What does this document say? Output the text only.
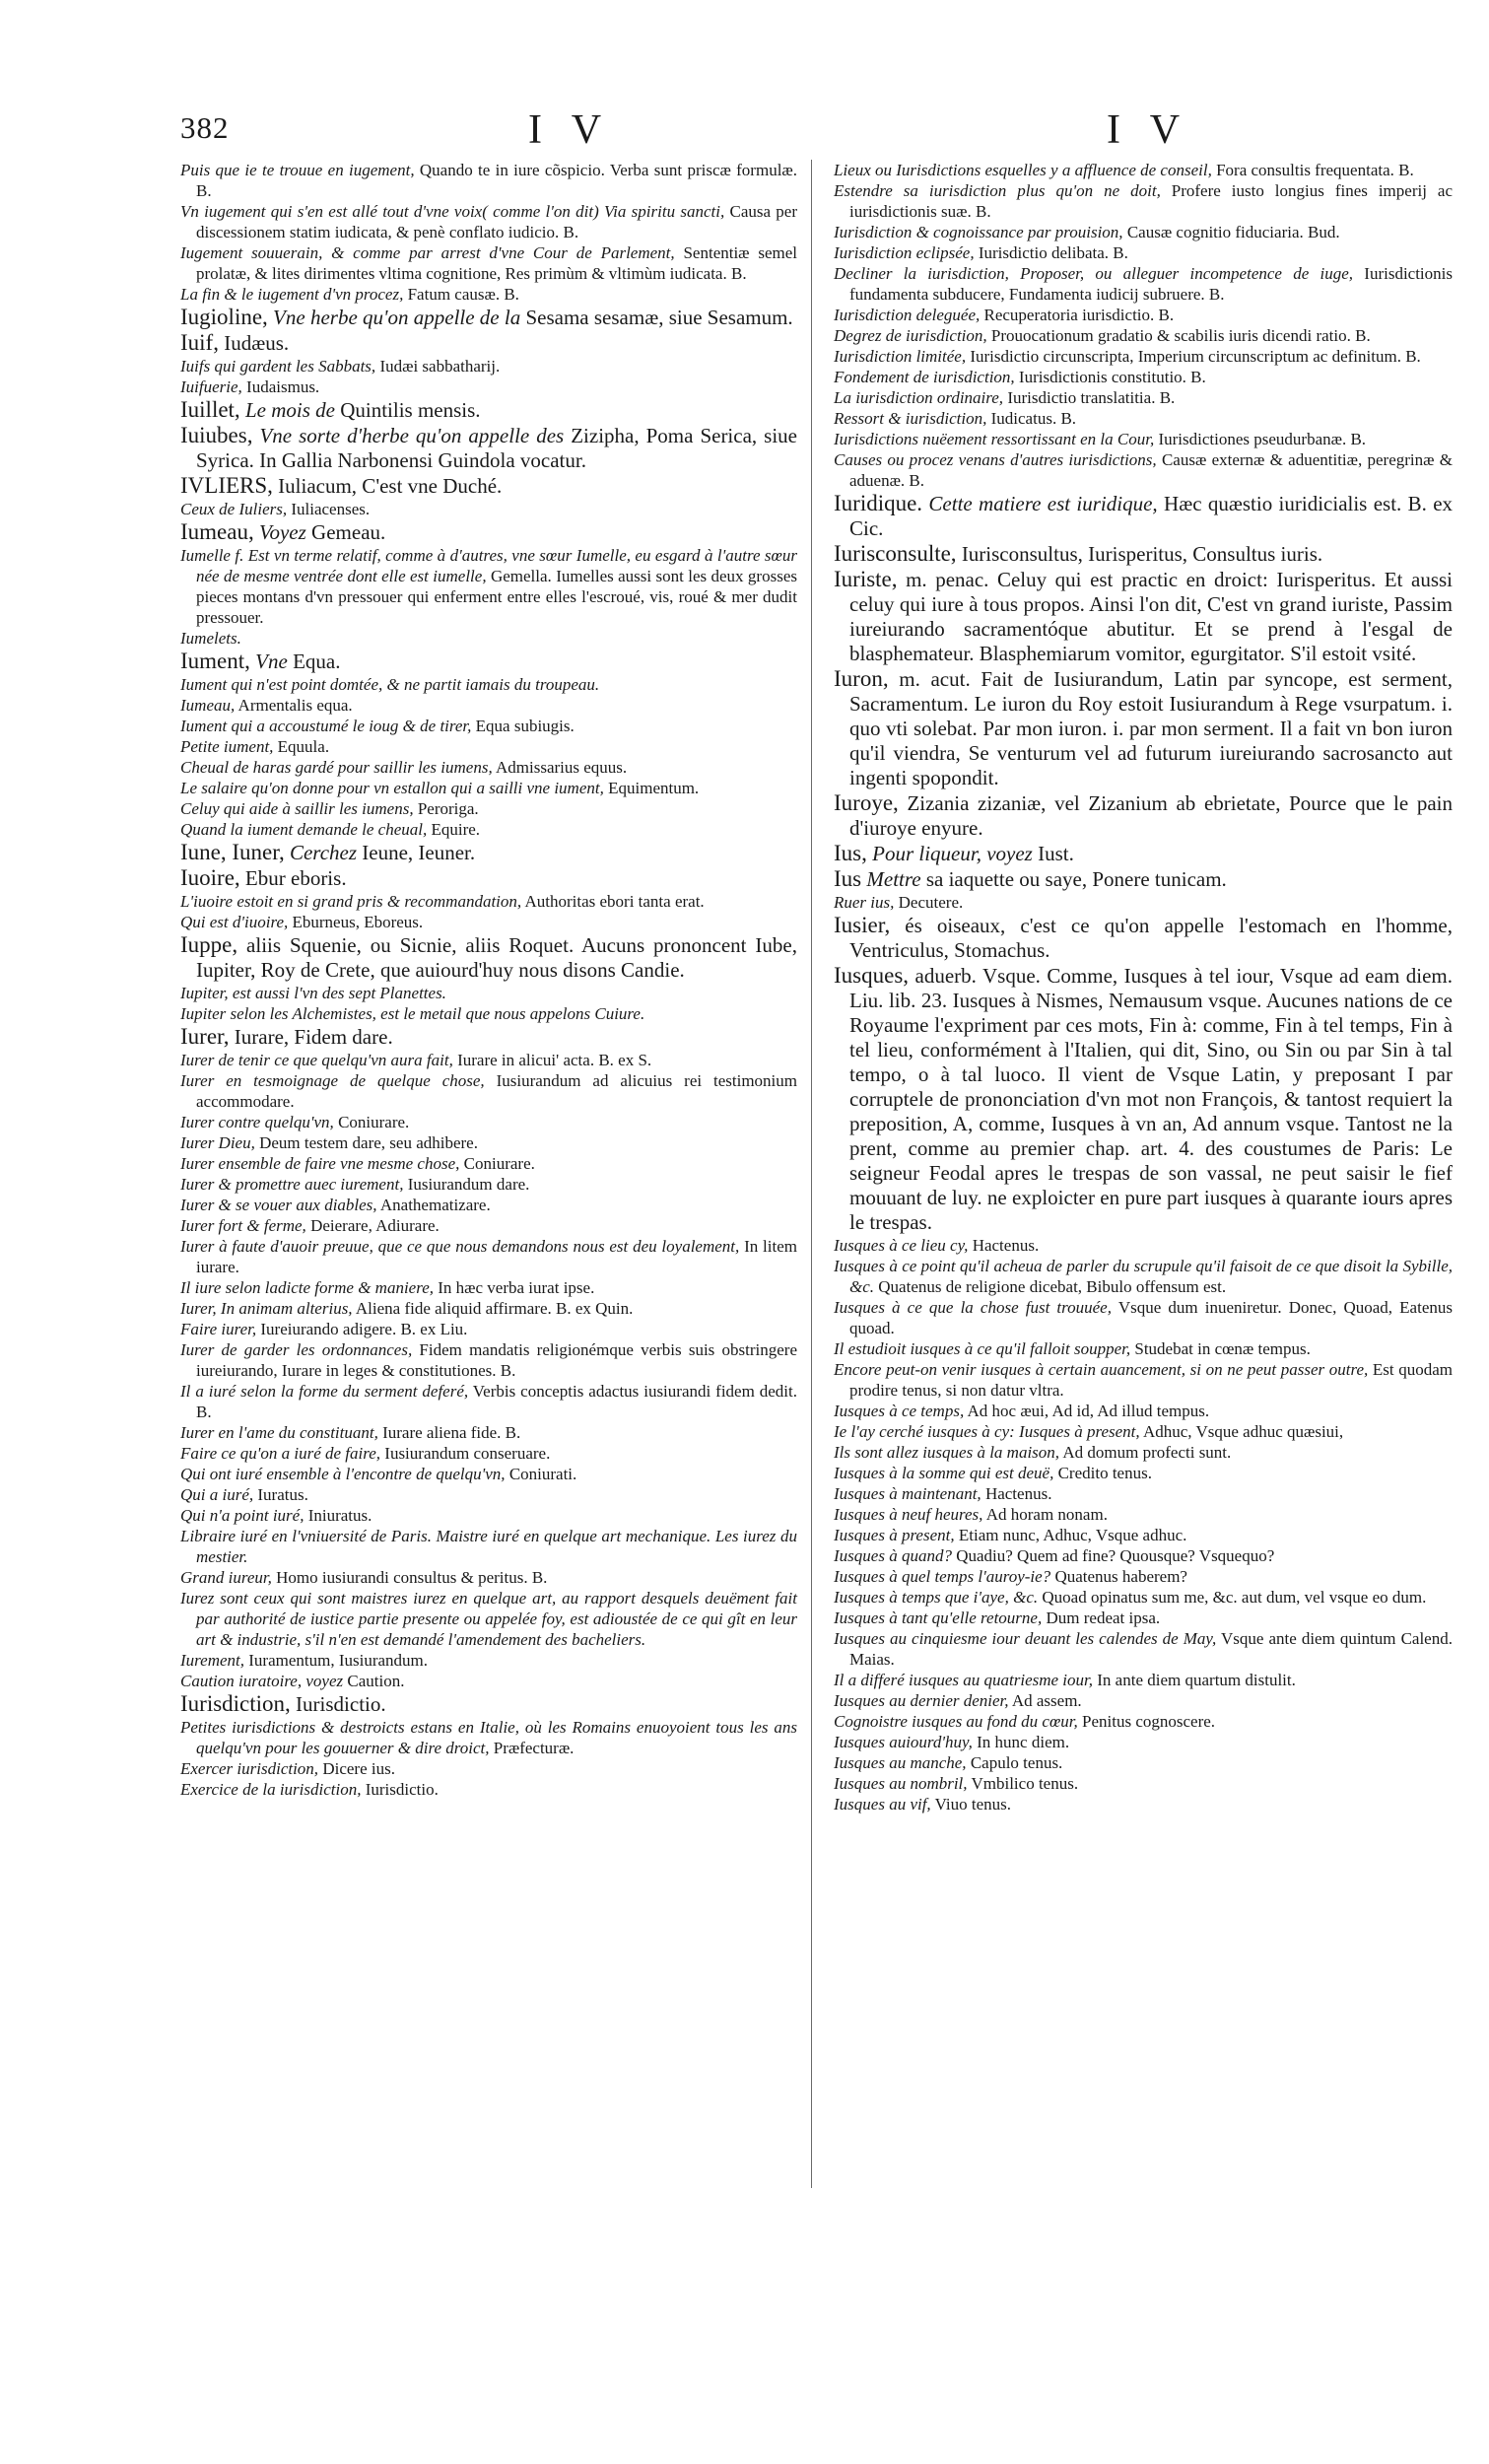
382	I V	I V

Puis que ie te trouue en iugement, Quando te in iure cõspicio. Verba sunt priscæ formulæ. B.

Vn iugement qui s'en est allé tout d'vne voix( comme l'on dit) Via spiritu sancti, Causa per discessionem statim iudicata, & penè conflato iudicio. B.

Iugement souuerain, & comme par arrest d'vne Cour de Parlement, Sententiæ semel prolatæ, & lites dirimentes vltima cognitione, Res primùm & vltimùm iudicata. B.

La fin & le iugement d'vn procez, Fatum causæ. B.

Iugioline, Vne herbe qu'on appelle de la Sesama sesamæ, siue Sesamum.

Iuif, Iudæus.

Iuifs qui gardent les Sabbats, Iudæi sabbatharij.

Iuifuerie, Iudaismus.

Iuillet, Le mois de Quintilis mensis.

Iuiubes, Vne sorte d'herbe qu'on appelle des Zizipha, Poma Serica, siue Syrica. In Gallia Narbonensi Guindola vocatur.

IVLIERS, Iuliacum, C'est vne Duché.

Ceux de Iuliers, Iuliacenses.

Iumeau, Voyez Gemeau.

Iumelle f. Est vn terme relatif, comme à d'autres, vne sœur Iumelle, eu esgard à l'autre sœur née de mesme ventrée dont elle est iumelle, Gemella. Iumelles aussi sont les deux grosses pieces montans d'vn pressouer qui enferment entre elles l'escroué, vis, roué & mer dudit pressouer.

Iumelets.

Iument, Vne Equa.

Iument qui n'est point domtée, & ne partit iamais du troupeau.

Iumeau, Armentalis equa.

Iument qui a accoustumé le ioug & de tirer, Equa subiugis.

Petite iument, Equula.

Cheual de haras gardé pour saillir les iumens, Admissarius equus.

Le salaire qu'on donne pour vn estallon qui a sailli vne iument, Equimentum.

Celuy qui aide à saillir les iumens, Peroriga.

Quand la iument demande le cheual, Equire.

Iune, Iuner, Cerchez Ieune, Ieuner.

Iuoire, Ebur eboris.

L'iuoire estoit en si grand pris & recommandation, Authoritas ebori tanta erat.

Qui est d'iuoire, Eburneus, Eboreus.

Iuppe, aliis Squenie, ou Sicnie, aliis Roquet. Aucuns prononcent Iube, Iupiter, Roy de Crete, que auiourd'huy nous disons Candie.

Iupiter, est aussi l'vn des sept Planettes.

Iupiter selon les Alchemistes, est le metail que nous appelons Cuiure.

Iurer, Iurare, Fidem dare.

Iurer de tenir ce que quelqu'vn aura fait, Iurare in alicui' acta. B. ex S.

Iurer en tesmoignage de quelque chose, Iusiurandum ad alicuius rei testimonium accommodare.

Iurer contre quelqu'vn, Coniurare.

Iurer Dieu, Deum testem dare, seu adhibere.

Iurer ensemble de faire vne mesme chose, Coniurare.

Iurer & promettre auec iurement, Iusiurandum dare.

Iurer & se vouer aux diables, Anathematizare.

Iurer fort & ferme, Deierare, Adiurare.

Iurer à faute d'auoir preuue, que ce que nous demandons nous est deu loyalement, In litem iurare.

Il iure selon ladicte forme & maniere, In hæc verba iurat ipse.

Iurer, In animam alterius, Aliena fide aliquid affirmare. B. ex Quin.

Faire iurer, Iureiurando adigere. B. ex Liu.

Iurer de garder les ordonnances, Fidem mandatis religionémque verbis suis obstringere iureiurando, Iurare in leges & constitutiones. B.

Il a iuré selon la forme du serment deferé, Verbis conceptis adactus iusiurandi fidem dedit. B.

Iurer en l'ame du constituant, Iurare aliena fide. B.

Faire ce qu'on a iuré de faire, Iusiurandum conseruare.

Qui ont iuré ensemble à l'encontre de quelqu'vn, Coniurati.

Qui a iuré, Iuratus.

Qui n'a point iuré, Iniuratus.

Libraire iuré en l'vniuersité de Paris. Maistre iuré en quelque art mechanique. Les iurez du mestier.

Grand iureur, Homo iusiurandi consultus & peritus. B.

Iurez sont ceux qui sont maistres iurez en quelque art, au rapport desquels deuëment fait par authorité de iustice partie presente ou appelée foy, est adioustée de ce qui gît en leur art & industrie, s'il n'en est demandé l'amendement des bacheliers.

Iurement, Iuramentum, Iusiurandum.

Caution iuratoire, voyez Caution.

Iurisdiction, Iurisdictio.

Petites iurisdictions & destroicts estans en Italie, où les Romains enuoyoient tous les ans quelqu'vn pour les gouuerner & dire droict, Præfecturæ.

Exercer iurisdiction, Dicere ius.

Exercice de la iurisdiction, Iurisdictio.

Lieux ou Iurisdictions esquelles y a affluence de conseil, Fora consultis frequentata. B.

Estendre sa iurisdiction plus qu'on ne doit, Profere iusto longius fines imperij ac iurisdictionis suæ. B.

Iurisdiction & cognoissance par prouision, Causæ cognitio fiduciaria. Bud.

Iurisdiction eclipsée, Iurisdictio delibata. B.

Decliner la iurisdiction, Proposer, ou alleguer incompetence de iuge, Iurisdictionis fundamenta subducere, Fundamenta iudicij subruere. B.

Iurisdiction deleguée, Recuperatoria iurisdictio. B.

Degrez de iurisdiction, Prouocationum gradatio & scabilis iuris dicendi ratio. B.

Iurisdiction limitée, Iurisdictio circunscripta, Imperium circunscriptum ac definitum. B.

Fondement de iurisdiction, Iurisdictionis constitutio. B.

La iurisdiction ordinaire, Iurisdictio translatitia. B.

Ressort & iurisdiction, Iudicatus. B.

Iurisdictions nuëement ressortissant en la Cour, Iurisdictiones pseudurbanæ. B.

Causes ou procez venans d'autres iurisdictions, Causæ externæ & aduentitiæ, peregrinæ & aduenæ. B.

Iuridique. Cette matiere est iuridique, Hæc quæstio iuridicialis est. B. ex Cic.

Iurisconsulte, Iurisconsultus, Iurisperitus, Consultus iuris.

Iuriste, m. penac. Celuy qui est practic en droict: Iurisperitus. Et aussi celuy qui iure à tous propos. Ainsi l'on dit, C'est vn grand iuriste, Passim iureiurando sacramentóque abutitur. Et se prend à l'esgal de blasphemateur. Blasphemiarum vomitor, egurgitator. S'il estoit vsité.

Iuron, m. acut. Fait de Iusiurandum, Latin par syncope, est serment, Sacramentum. Le iuron du Roy estoit Iusiurandum à Rege vsurpatum. i. quo vti solebat. Par mon iuron. i. par mon serment. Il a fait vn bon iuron qu'il viendra, Se venturum vel ad futurum iureiurando sacrosancto aut ingenti spopondit.

Iuroye, Zizania zizaniæ, vel Zizanium ab ebrietate, Pource que le pain d'iuroye enyure.

Ius, Pour liqueur, voyez Iust.

Ius Mettre sa iaquette ou saye, Ponere tunicam.

Ruer ius, Decutere.

Iusier, és oiseaux, c'est ce qu'on appelle l'estomach en l'homme, Ventriculus, Stomachus.

Iusques, aduerb. Vsque. Comme, Iusques à tel iour, Vsque ad eam diem. Liu. lib. 23. Iusques à Nismes, Nemausum vsque. Aucunes nations de ce Royaume l'expriment par ces mots, Fin à: comme, Fin à tel temps, Fin à tel lieu, conformément à l'Italien, qui dit, Sino, ou Sin ou par Sin à tal tempo, o à tal luoco. Il vient de Vsque Latin, y preposant I par corruptele de prononciation d'vn mot non François, & tantost requiert la preposition, A, comme, Iusques à vn an, Ad annum vsque. Tantost ne la prent, comme au premier chap. art. 4. des coustumes de Paris: Le seigneur Feodal apres le trespas de son vassal, ne peut saisir le fief mouuant de luy. ne exploicter en pure part iusques à quarante iours apres le trespas.

Iusques à ce lieu cy, Hactenus.

Iusques à ce point qu'il acheua de parler du scrupule qu'il faisoit de ce que disoit la Sybille, &c. Quatenus de religione dicebat, Bibulo offensum est.

Iusques à ce que la chose fust trouuée, Vsque dum inueniretur. Donec, Quoad, Eatenus quoad.

Il estudioit iusques à ce qu'il falloit soupper, Studebat in cœnæ tempus.

Encore peut-on venir iusques à certain auancement, si on ne peut passer outre, Est quodam prodire tenus, si non datur vltra.

Iusques à ce temps, Ad hoc æui, Ad id, Ad illud tempus.

Ie l'ay cerché iusques à cy: Iusques à present, Adhuc, Vsque adhuc quæsiui,

Ils sont allez iusques à la maison, Ad domum profecti sunt.

Iusques à la somme qui est deuë, Credito tenus.

Iusques à maintenant, Hactenus.

Iusques à neuf heures, Ad horam nonam.

Iusques à present, Etiam nunc, Adhuc, Vsque adhuc.

Iusques à quand? Quadiu? Quem ad fine? Quousque? Vsquequo?

Iusques à quel temps l'auroy-ie? Quatenus haberem?

Iusques à temps que i'aye, &c. Quoad opinatus sum me, &c. aut dum, vel vsque eo dum.

Iusques à tant qu'elle retourne, Dum redeat ipsa.

Iusques au cinquiesme iour deuant les calendes de May, Vsque ante diem quintum Calend. Maias.

Il a differé iusques au quatriesme iour, In ante diem quartum distulit.

Iusques au dernier denier, Ad assem.

Cognoistre iusques au fond du cœur, Penitus cognoscere.

Iusques auiourd'huy, In hunc diem.

Iusques au manche, Capulo tenus.

Iusques au nombril, Vmbilico tenus.

Iusques au vif, Viuo tenus.
